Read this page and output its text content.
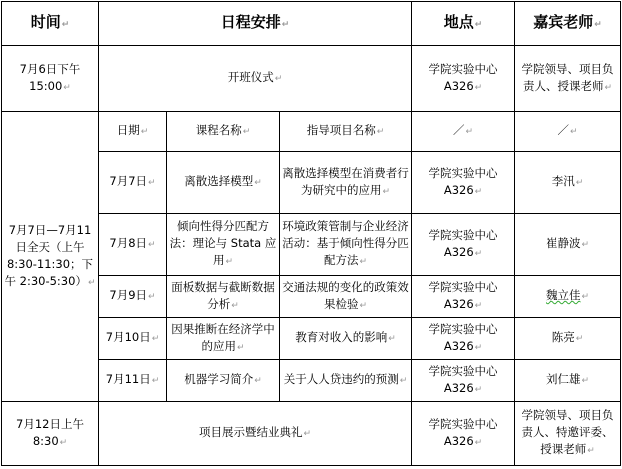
时间↵	日程安排↵			地点↵	嘉宾老师↵
7月6日下午 15:00↵	开班仪式↵			学院实验中心 A326↵	学院领导、项目负责人、授课老师↵
7月7日—7月11日全天（上午 8:30-11:30；下午 2:30-5:30）↵	日期↵	课程名称↵	指导项目名称↵	／↵	／↵
	7月7日↵	离散选择模型↵	离散选择模型在消费者行为研究中的应用↵	学院实验中心 A326↵	李汛↵
	7月8日↵	倾向性得分匹配方法：理论与 Stata 应用↵	环境政策管制与企业经济活动：基于倾向性得分匹配方法↵	学院实验中心 A326↵	崔静波↵
	7月9日↵	面板数据与截断数据分析↵	交通法规的变化的政策效果检验↵	学院实验中心 A326↵	魏立佳↵
	7月10日↵	因果推断在经济学中的应用↵	教育对收入的影响↵	学院实验中心 A326↵	陈亮↵
	7月11日↵	机器学习简介↵	关于人人贷违约的预测↵	学院实验中心 A326↵	刘仁雄↵
7月12日上午 8:30↵	项目展示暨结业典礼↵			学院实验中心 A326↵	学院领导、项目负责人、特邀评委、授课老师↵
